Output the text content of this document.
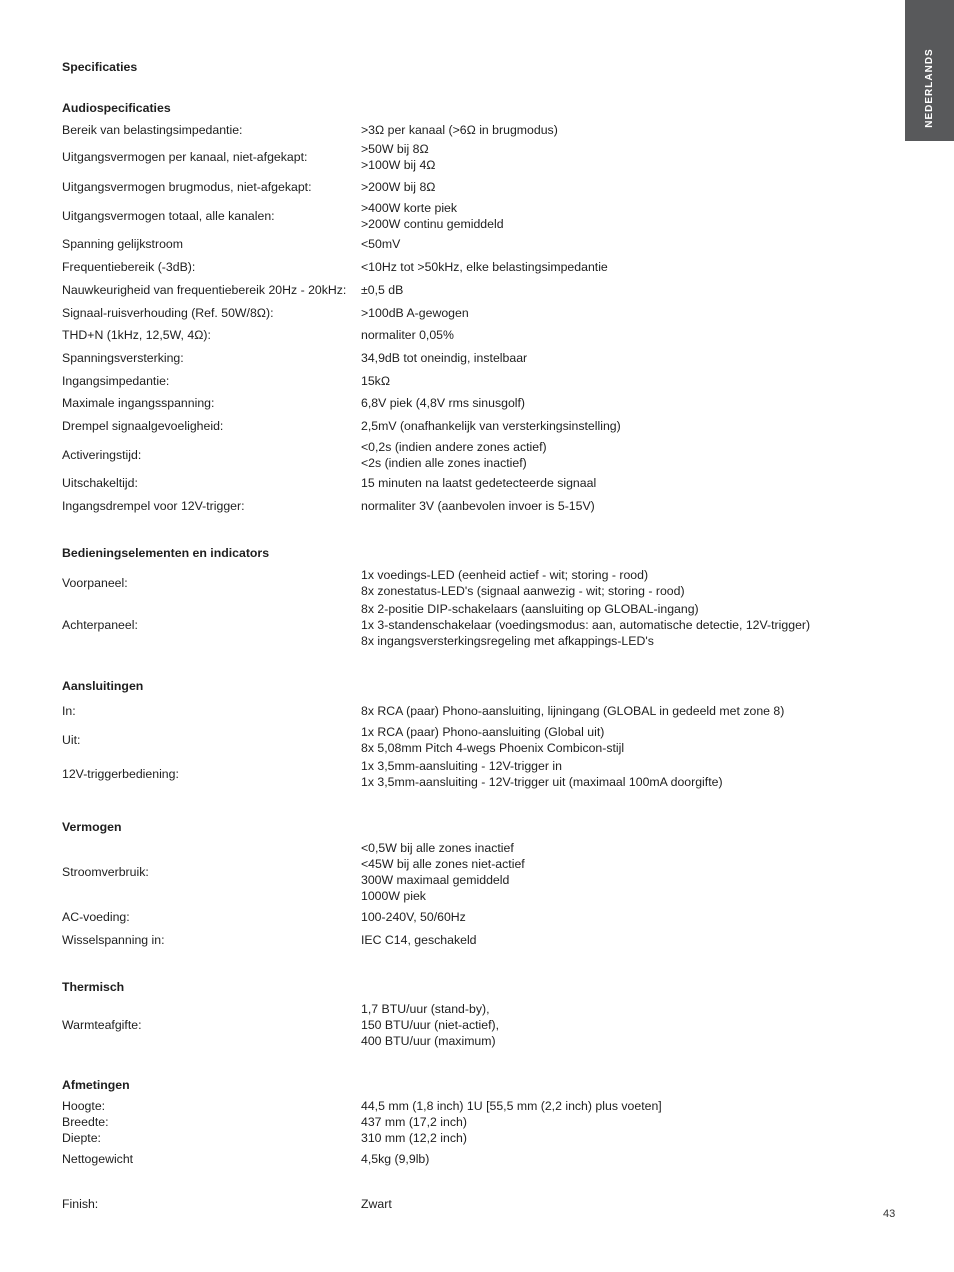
NEDERLANDS
Specificaties
Audiospecificaties
Bereik van belastingsimpedantie:	>3Ω per kanaal (>6Ω in brugmodus)
Uitgangsvermogen per kanaal, niet-afgekapt:
>50W bij 8Ω
>100W bij 4Ω
Uitgangsvermogen brugmodus, niet-afgekapt:	>200W bij 8Ω
Uitgangsvermogen totaal, alle kanalen:
>400W korte piek
>200W continu gemiddeld
Spanning gelijkstroom	<50mV
Frequentiebereik (-3dB):	<10Hz tot >50kHz, elke belastingsimpedantie
Nauwkeurigheid van frequentiebereik 20Hz - 20kHz: ±0,5 dB
Signaal-ruisverhouding (Ref. 50W/8Ω):	>100dB A-gewogen
THD+N (1kHz, 12,5W, 4Ω):	normaliter 0,05%
Spanningsversterking:	34,9dB tot oneindig, instelbaar
Ingangsimpedantie:	15kΩ
Maximale ingangsspanning:	6,8V piek (4,8V rms sinusgolf)
Drempel signaalgevoeligheid:	2,5mV (onafhankelijk van versterkingsinstelling)
Activeringstijd:
<0,2s (indien andere zones actief)
<2s (indien alle zones inactief)
Uitschakeltijd:	15 minuten na laatst gedetecteerde signaal
Ingangsdrempel voor 12V-trigger:	normaliter 3V (aanbevolen invoer is 5-15V)
Bedieningselementen en indicators
Voorpaneel:
1x voedings-LED (eenheid actief - wit; storing - rood)
8x zonestatus-LED's (signaal aanwezig - wit; storing - rood)
Achterpaneel:
8x 2-positie DIP-schakelaars (aansluiting op GLOBAL-ingang)
1x 3-standenschakelaar (voedingsmodus: aan, automatische detectie, 12V-trigger)
8x ingangsversterkingsregeling met afkappings-LED's
Aansluitingen
In:	8x RCA (paar) Phono-aansluiting, lijningang (GLOBAL in gedeeld met zone 8)
Uit:
1x RCA (paar) Phono-aansluiting (Global uit)
8x 5,08mm Pitch 4-wegs Phoenix Combicon-stijl
12V-triggerbediening:
1x 3,5mm-aansluiting - 12V-trigger in
1x 3,5mm-aansluiting - 12V-trigger uit (maximaal 100mA doorgifte)
Vermogen
Stroomverbruik:
<0,5W bij alle zones inactief
<45W bij alle zones niet-actief
300W maximaal gemiddeld
1000W piek
AC-voeding:	100-240V, 50/60Hz
Wisselspanning in:	IEC C14, geschakeld
Thermisch
Warmteafgifte:
1,7 BTU/uur (stand-by),
150 BTU/uur (niet-actief),
400 BTU/uur (maximum)
Afmetingen
Hoogte:	44,5 mm (1,8 inch) 1U [55,5 mm (2,2 inch) plus voeten]
Breedte:	437 mm (17,2 inch)
Diepte:	310 mm (12,2 inch)
Nettogewicht	4,5kg (9,9lb)
Finish:	Zwart
43
